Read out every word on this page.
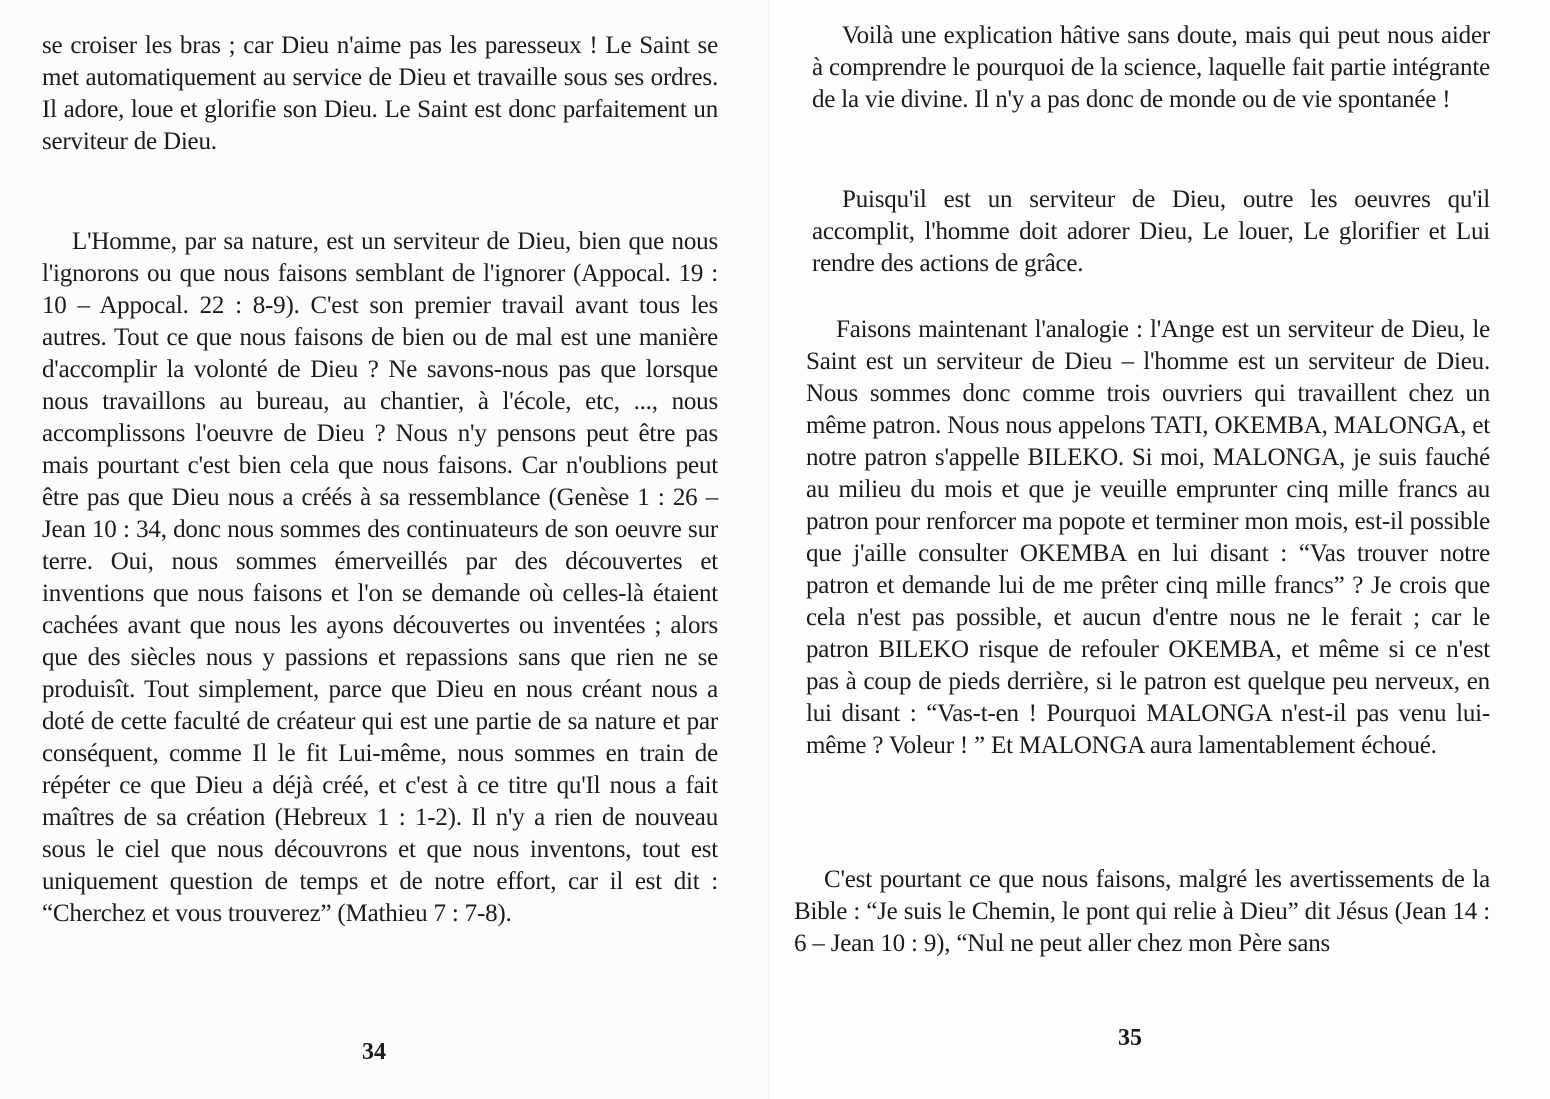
se croiser les bras ; car Dieu n'aime pas les paresseux ! Le Saint se met automatiquement au service de Dieu et travaille sous ses ordres. Il adore, loue et glorifie son Dieu. Le Saint est donc parfaitement un serviteur de Dieu.

L'Homme, par sa nature, est un serviteur de Dieu, bien que nous l'ignorons ou que nous faisons semblant de l'ignorer (Appocal. 19 : 10 – Appocal. 22 : 8-9). C'est son premier travail avant tous les autres. Tout ce que nous faisons de bien ou de mal est une manière d'accomplir la volonté de Dieu ? Ne savons-nous pas que lorsque nous travaillons au bureau, au chantier, à l'école, etc, ..., nous accomplissons l'oeuvre de Dieu ? Nous n'y pensons peut être pas mais pourtant c'est bien cela que nous faisons. Car n'oublions peut être pas que Dieu nous a créés à sa ressemblance (Genèse 1 : 26 – Jean 10 : 34, donc nous sommes des continuateurs de son oeuvre sur terre. Oui, nous sommes émerveillés par des découvertes et inventions que nous faisons et l'on se demande où celles-là étaient cachées avant que nous les ayons découvertes ou inventées ; alors que des siècles nous y passions et repassions sans que rien ne se produisît. Tout simplement, parce que Dieu en nous créant nous a doté de cette faculté de créateur qui est une partie de sa nature et par conséquent, comme Il le fit Lui-même, nous sommes en train de répéter ce que Dieu a déjà créé, et c'est à ce titre qu'Il nous a fait maîtres de sa création (Hebreux 1 : 1-2). Il n'y a rien de nouveau sous le ciel que nous découvrons et que nous inventons, tout est uniquement question de temps et de notre effort, car il est dit : “Cherchez et vous trouverez” (Mathieu 7 : 7-8).

34

Voilà une explication hâtive sans doute, mais qui peut nous aider à comprendre le pourquoi de la science, laquelle fait partie intégrante de la vie divine. Il n'y a pas donc de monde ou de vie spontanée !

Puisqu'il est un serviteur de Dieu, outre les oeuvres qu'il accomplit, l'homme doit adorer Dieu, Le louer, Le glorifier et Lui rendre des actions de grâce.

Faisons maintenant l'analogie : l'Ange est un serviteur de Dieu, le Saint est un serviteur de Dieu – l'homme est un serviteur de Dieu. Nous sommes donc comme trois ouvriers qui travaillent chez un même patron. Nous nous appelons TATI, OKEMBA, MALONGA, et notre patron s'appelle BILEKO. Si moi, MALONGA, je suis fauché au milieu du mois et que je veuille emprunter cinq mille francs au patron pour renforcer ma popote et terminer mon mois, est-il possible que j'aille consulter OKEMBA en lui disant : “Vas trouver notre patron et demande lui de me prêter cinq mille francs” ? Je crois que cela n'est pas possible, et aucun d'entre nous ne le ferait ; car le patron BILEKO risque de refouler OKEMBA, et même si ce n'est pas à coup de pieds derrière, si le patron est quelque peu nerveux, en lui disant : “Vas-t-en ! Pourquoi MALONGA n'est-il pas venu lui-même ? Voleur ! ” Et MALONGA aura lamentablement échoué.

C'est pourtant ce que nous faisons, malgré les avertissements de la Bible : “Je suis le Chemin, le pont qui relie à Dieu” dit Jésus (Jean 14 : 6 – Jean 10 : 9), “Nul ne peut aller chez mon Père sans

35
